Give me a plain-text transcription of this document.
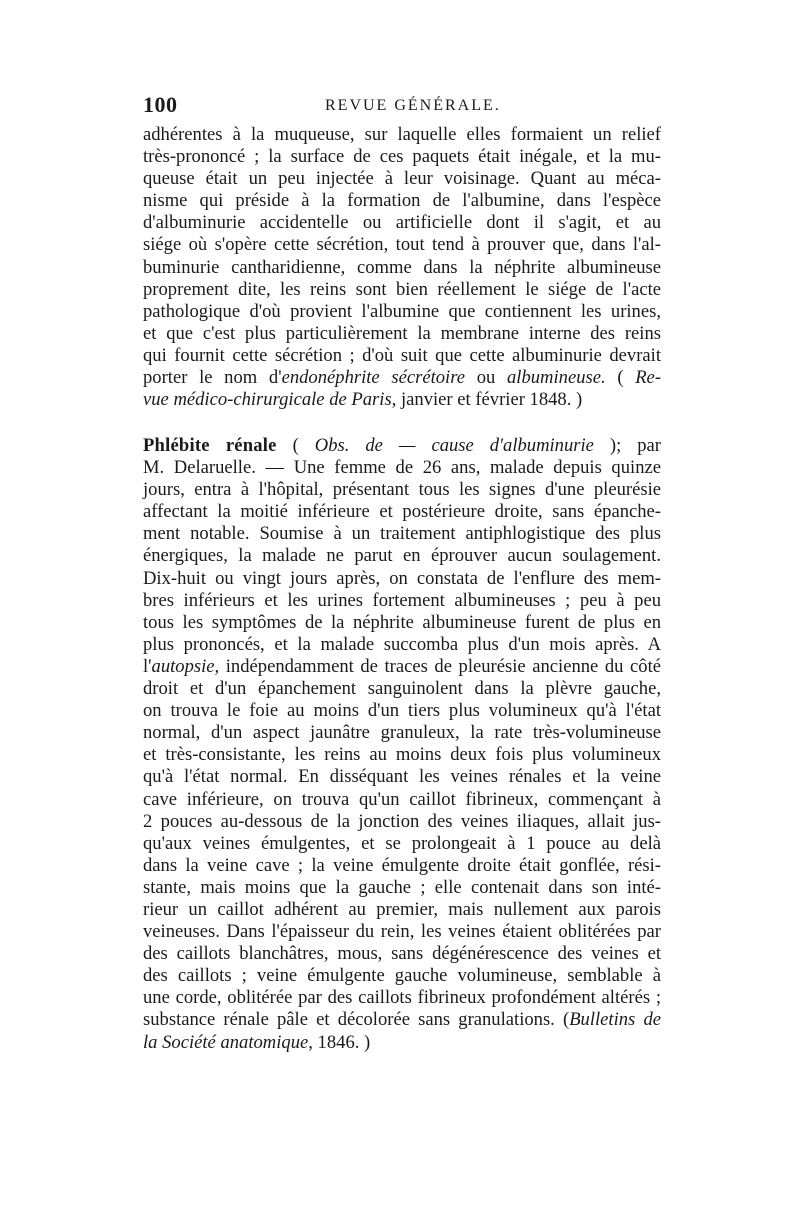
100	REVUE GÉNÉRALE.
adhérentes à la muqueuse, sur laquelle elles formaient un relief
très-prononcé ; la surface de ces paquets était inégale, et la mu-
queuse était un peu injectée à leur voisinage. Quant au méca-
nisme qui préside à la formation de l'albumine, dans l'espèce
d'albuminurie accidentelle ou artificielle dont il s'agit, et au
siége où s'opère cette sécrétion, tout tend à prouver que, dans l'al-
buminurie cantharidienne, comme dans la néphrite albumineuse
proprement dite, les reins sont bien réellement le siége de l'acte
pathologique d'où provient l'albumine que contiennent les urines,
et que c'est plus particulièrement la membrane interne des reins
qui fournit cette sécrétion ; d'où suit que cette albuminurie devrait
porter le nom d'endonéphrite sécrétoire ou albumineuse. ( Re-
vue médico-chirurgicale de Paris, janvier et février 1848. )
Phlébite rénale ( Obs. de — cause d'albuminurie ); par
M. Delaruelle. — Une femme de 26 ans, malade depuis quinze
jours, entra à l'hôpital, présentant tous les signes d'une pleurésie
affectant la moitié inférieure et postérieure droite, sans épanche-
ment notable. Soumise à un traitement antiphlogistique des plus
énergiques, la malade ne parut en éprouver aucun soulagement.
Dix-huit ou vingt jours après, on constata de l'enflure des mem-
bres inférieurs et les urines fortement albumineuses ; peu à peu
tous les symptômes de la néphrite albumineuse furent de plus en
plus prononcés, et la malade succomba plus d'un mois après. A
l'autopsie, indépendamment de traces de pleurésie ancienne du côté
droit et d'un épanchement sanguinolent dans la plèvre gauche,
on trouva le foie au moins d'un tiers plus volumineux qu'à l'état
normal, d'un aspect jaunâtre granuleux, la rate très-volumineuse
et très-consistante, les reins au moins deux fois plus volumineux
qu'à l'état normal. En disséquant les veines rénales et la veine
cave inférieure, on trouva qu'un caillot fibrineux, commençant à
2 pouces au-dessous de la jonction des veines iliaques, allait jus-
qu'aux veines émulgentes, et se prolongeait à 1 pouce au delà
dans la veine cave ; la veine émulgente droite était gonflée, rési-
stante, mais moins que la gauche ; elle contenait dans son inté-
rieur un caillot adhérent au premier, mais nullement aux parois
veineuses. Dans l'épaisseur du rein, les veines étaient oblitérées par
des caillots blanchâtres, mous, sans dégénérescence des veines et
des caillots ; veine émulgente gauche volumineuse, semblable à
une corde, oblitérée par des caillots fibrineux profondément altérés ;
substance rénale pâle et décolorée sans granulations. (Bulletins de
la Société anatomique, 1846. )
